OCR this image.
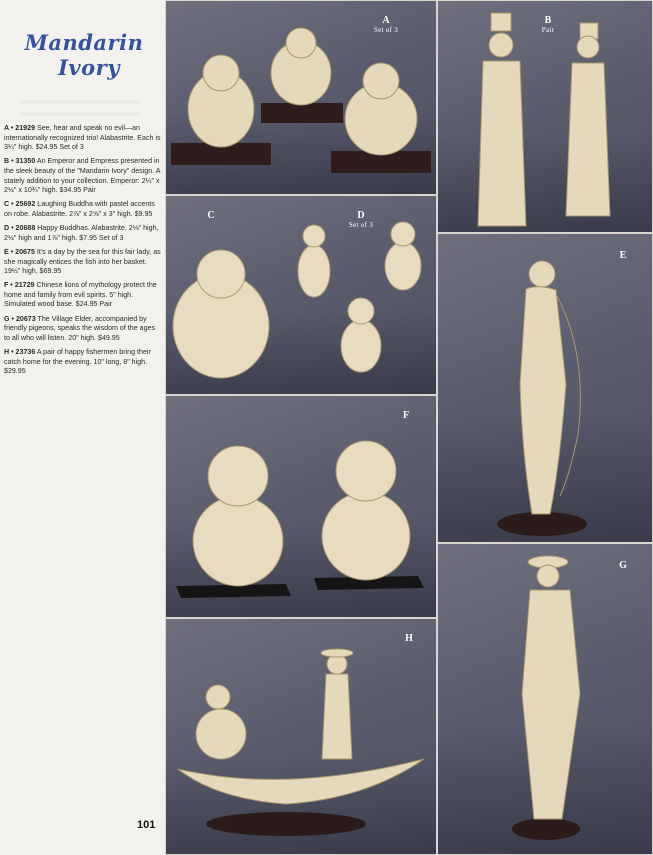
Mandarin
Ivory

A • 21929 See, hear and speak no evil—an internationally recognized trio! Alabastrite. Each is 3¼" high. $24.95 Set of 3

B • 31350 An Emperor and Empress presented in the sleek beauty of the "Mandarin Ivory" design. A stately addition to your collection. Emperor: 2¼" x 2½" x 10¾" high. $34.95 Pair

C • 25692 Laughing Buddha with pastel accents on robe. Alabastrite. 2⅞" x 2⅝" x 3" high. $9.95

D • 20688 Happy Buddhas. Alabastrite. 2⅛" high, 2½" high and 1⅞" high. $7.95 Set of 3

E • 20675 It's a day by the sea for this fair lady, as she magically entices the fish into her basket. 19½" high. $69.95

F • 21729 Chinese lions of mythology protect the home and family from evil spirits. 5" high. Simulated wood base. $24.95 Pair

G • 20673 The Village Elder, accompanied by friendly pigeons, speaks the wisdom of the ages to all who will listen. 20" high. $49.95

H • 23736 A pair of happy fishermen bring their catch home for the evening. 10" long, 8" high. $29.95

101
A
Set of 3
B
Pair
C	D
Set of 3
E
F
G
H
